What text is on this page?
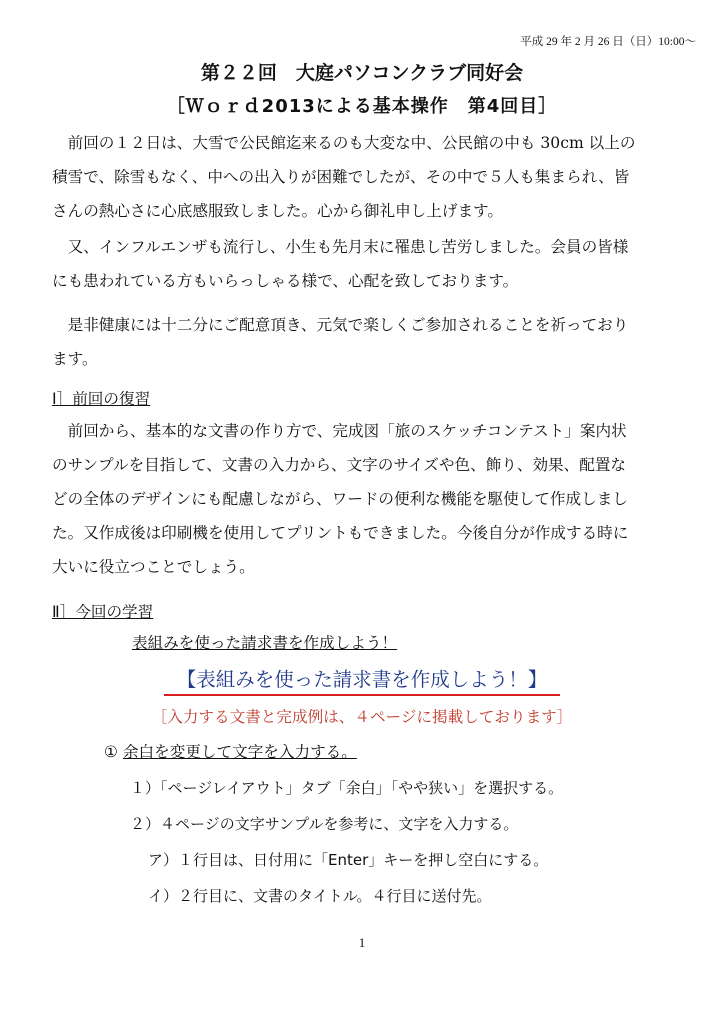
平成 29 年 2 月 26 日（日）10:00～
第２２回　大庭パソコンクラブ同好会
［Ｗｏｒｄ2013による基本操作　第4回目］

　前回の１２日は、大雪で公民館迄来るのも大変な中、公民館の中も 30cm 以上の

積雪で、除雪もなく、中への出入りが困難でしたが、その中で５人も集まられ、皆

さんの熱心さに心底感服致しました。心から御礼申し上げます。

　又、インフルエンザも流行し、小生も先月末に罹患し苦労しました。会員の皆様

にも患われている方もいらっしゃる様で、心配を致しております。

　是非健康には十二分にご配意頂き、元気で楽しくご参加されることを祈っており

ます。

Ⅰ］前回の復習

　前回から、基本的な文書の作り方で、完成図「旅のスケッチコンテスト」案内状

のサンプルを目指して、文書の入力から、文字のサイズや色、飾り、効果、配置な

どの全体のデザインにも配慮しながら、ワードの便利な機能を駆使して作成しまし

た。又作成後は印刷機を使用してプリントもできました。今後自分が作成する時に

大いに役立つことでしょう。

Ⅱ］今回の学習
表組みを使った請求書を作成しよう！
【表組みを使った請求書を作成しよう！】
［入力する文書と完成例は、４ページに掲載しております］
① 余白を変更して文字を入力する。
１）「ページレイアウト」タブ「余白」「やや狭い」を選択する。
２）４ページの文字サンプルを参考に、文字を入力する。
ア）１行目は、日付用に「Enter」キーを押し空白にする。
イ）２行目に、文書のタイトル。４行目に送付先。
1
